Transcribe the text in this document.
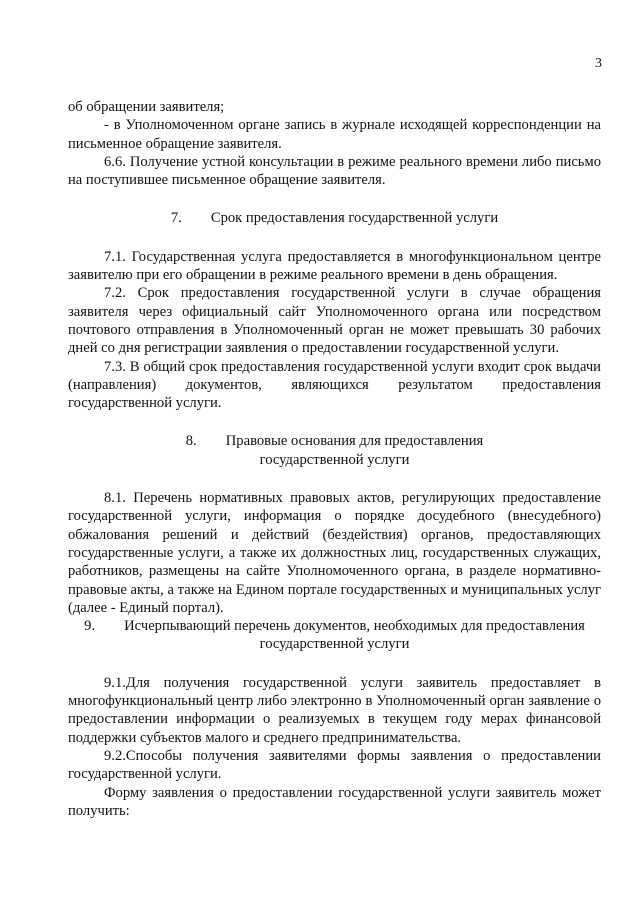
3

об обращении заявителя;

- в Уполномоченном органе запись в журнале исходящей корреспонденции на письменное обращение заявителя.

6.6. Получение устной консультации в режиме реального времени либо письмо на поступившее письменное обращение заявителя.

7. Срок предоставления государственной услуги

7.1. Государственная услуга предоставляется в многофункциональном центре заявителю при его обращении в режиме реального времени в день обращения.

7.2. Срок предоставления государственной услуги в случае обращения заявителя через официальный сайт Уполномоченного органа или посредством почтового отправления в Уполномоченный орган не может превышать 30 рабочих дней со дня регистрации заявления о предоставлении государственной услуги.

7.3. В общий срок предоставления государственной услуги входит срок выдачи (направления) документов, являющихся результатом предоставления государственной услуги.

8. Правовые основания для предоставления
государственной услуги

8.1. Перечень нормативных правовых актов, регулирующих предоставление государственной услуги, информация о порядке досудебного (внесудебного) обжалования решений и действий (бездействия) органов, предоставляющих государственные услуги, а также их должностных лиц, государственных служащих, работников, размещены на сайте Уполномоченного органа, в разделе нормативно-правовые акты, а также на Едином портале государственных и муниципальных услуг (далее - Единый портал).

9. Исчерпывающий перечень документов, необходимых для предоставления
государственной услуги

9.1.Для получения государственной услуги заявитель предоставляет в многофункциональный центр либо электронно в Уполномоченный орган заявление о предоставлении информации о реализуемых в текущем году мерах финансовой поддержки субъектов малого и среднего предпринимательства.

9.2.Способы получения заявителями формы заявления о предоставлении государственной услуги.

Форму заявления о предоставлении государственной услуги заявитель может получить:
